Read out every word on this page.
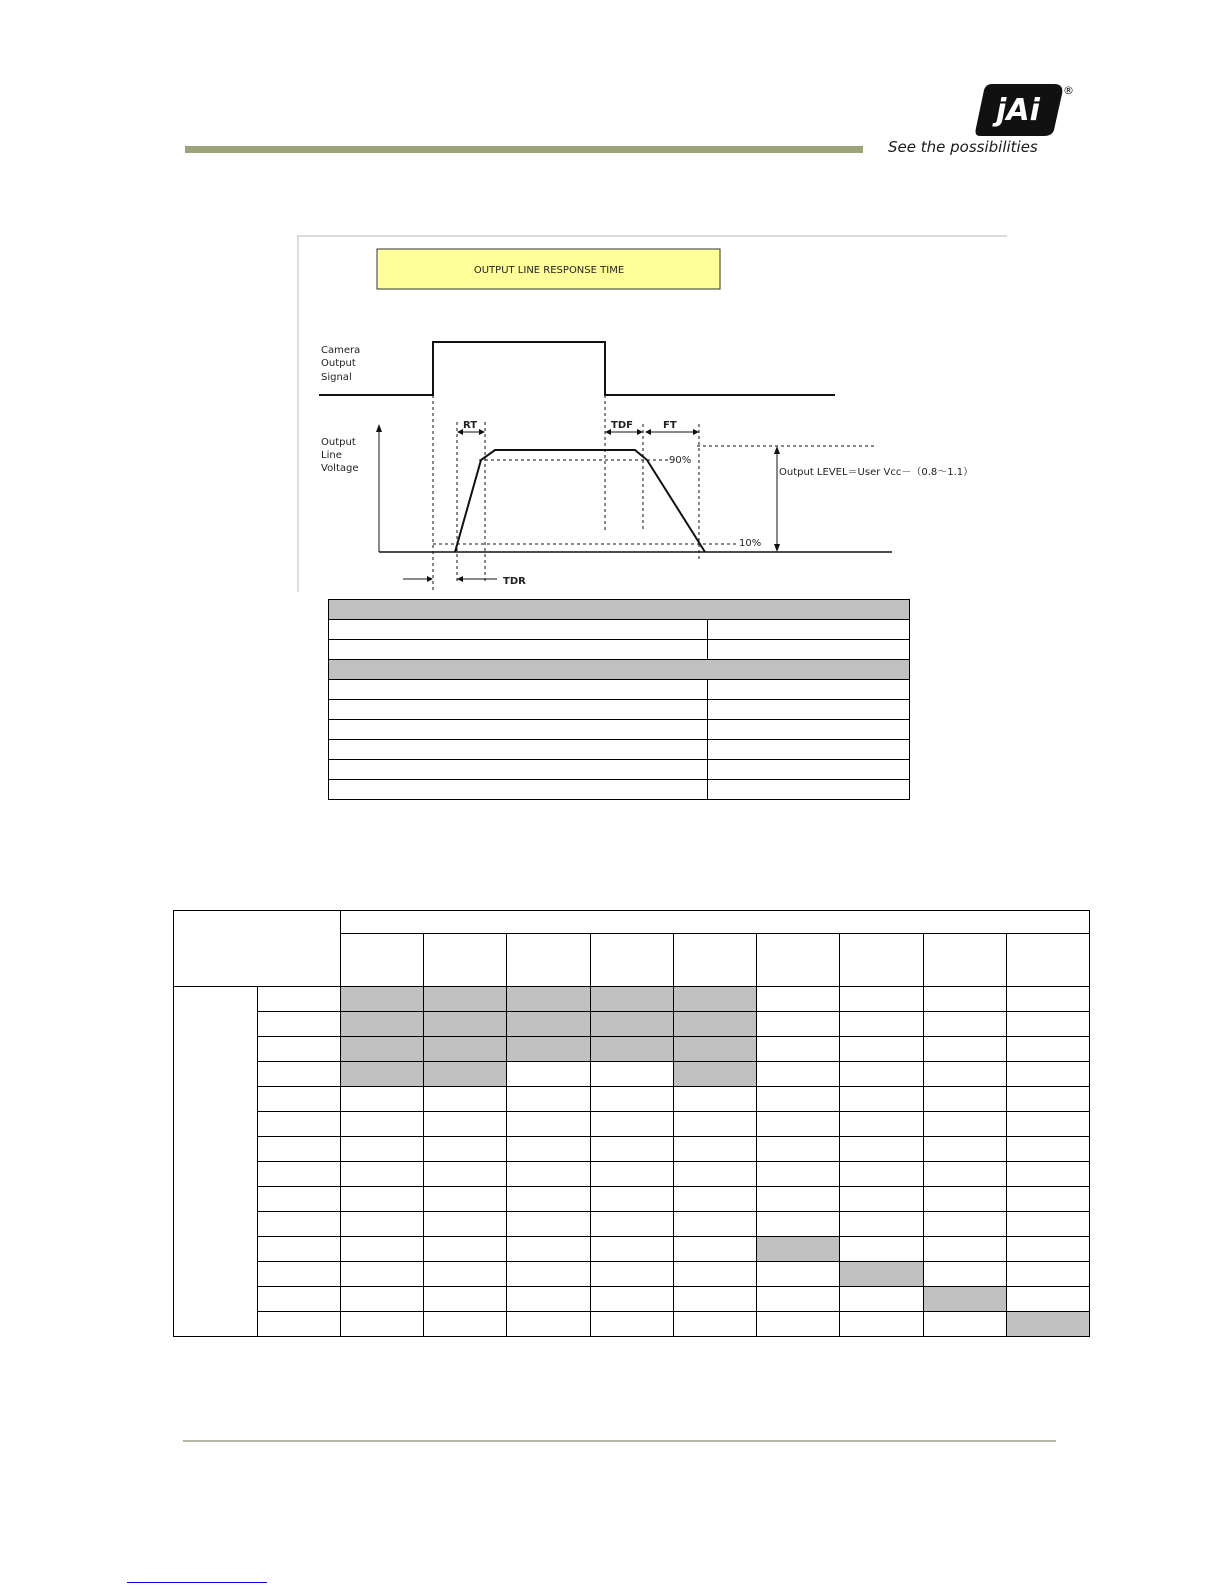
jAi
®
See the possibilities
OUTPUT LINE RESPONSE TIME
Camera Output Signal
Output Line Voltage
RT	TDF	FT
90%
10%
Output LEVEL＝User Vcc－（0.8～1.1）
TDR
